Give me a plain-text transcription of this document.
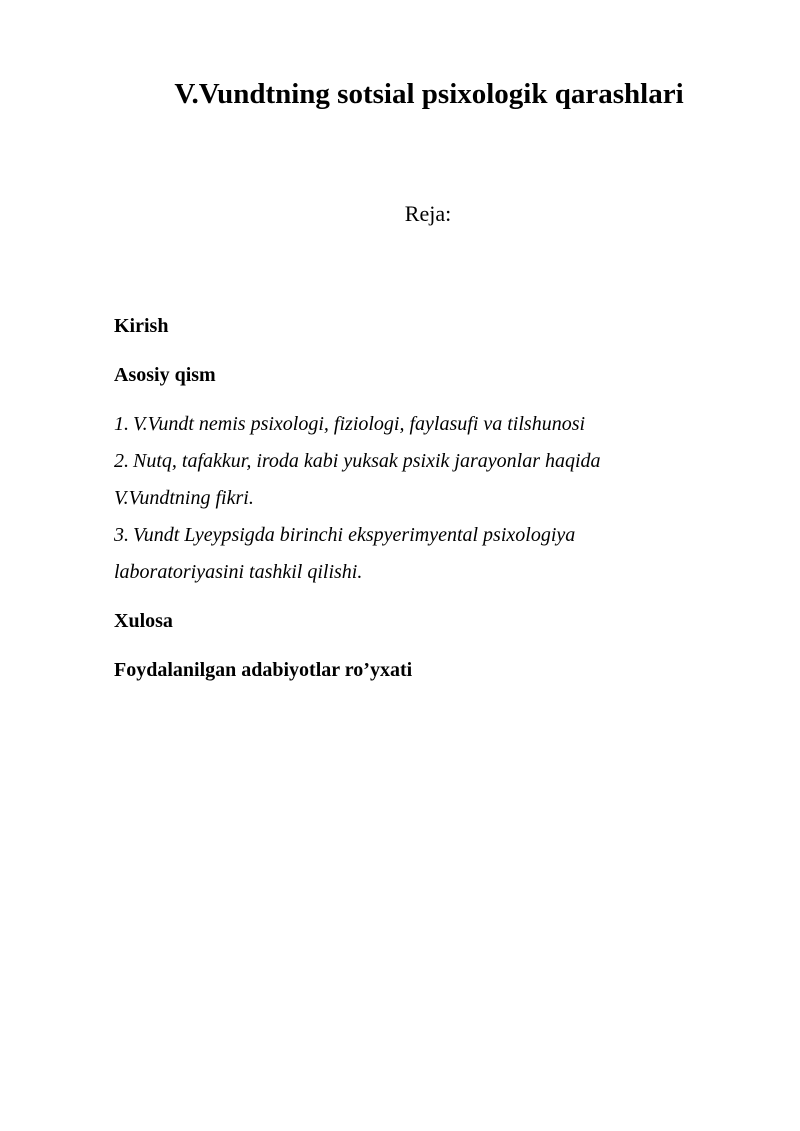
V.Vundtning sotsial psixologik qarashlari

Reja:

Kirish

Asosiy qism

1. V.Vundt nemis psixologi, fiziologi, faylasufi va tilshunosi
2. Nutq, tafakkur, iroda kabi yuksak psixik jarayonlar haqida
V.Vundtning fikri.
3. Vundt Lyeypsigda birinchi ekspyerimyental psixologiya
laboratoriyasini tashkil qilishi.

Xulosa

Foydalanilgan adabiyotlar ro’yxati
